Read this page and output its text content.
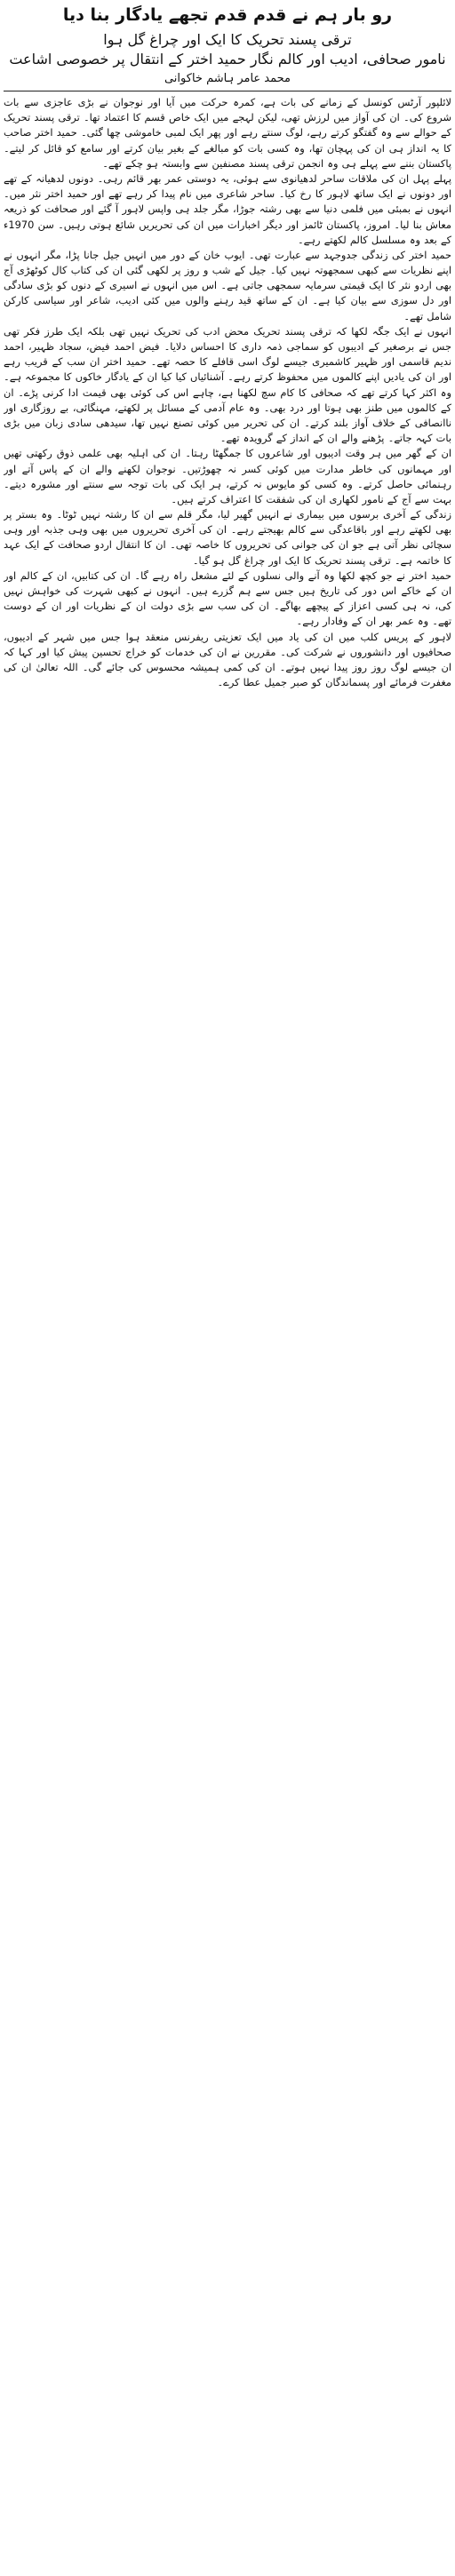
رو بار ہم نے قدم قدم تجھے یادگار بنا دیا
ترقی پسند تحریک کا ایک اور چراغ گل ہوا
نامور صحافی، ادیب اور کالم نگار حمید اختر کے انتقال پر خصوصی اشاعت
محمد عامر ہاشم خاکوانی

لائلپور آرٹس کونسل کے زمانے کی بات ہے، کمرہ حرکت میں آیا اور نوجوان نے بڑی عاجزی سے بات شروع کی۔ ان کی آواز میں لرزش تھی، لیکن لہجے میں ایک خاص قسم کا اعتماد تھا۔ ترقی پسند تحریک کے حوالے سے وہ گفتگو کرتے رہے، لوگ سنتے رہے اور پھر ایک لمبی خاموشی چھا گئی۔ حمید اختر صاحب کا یہ انداز ہی ان کی پہچان تھا، وہ کسی بات کو مبالغے کے بغیر بیان کرتے اور سامع کو قائل کر لیتے۔ پاکستان بننے سے پہلے ہی وہ انجمن ترقی پسند مصنفین سے وابستہ ہو چکے تھے۔

پہلے پہل ان کی ملاقات ساحر لدھیانوی سے ہوئی، یہ دوستی عمر بھر قائم رہی۔ دونوں لدھیانہ کے تھے اور دونوں نے ایک ساتھ لاہور کا رخ کیا۔ ساحر شاعری میں نام پیدا کر رہے تھے اور حمید اختر نثر میں۔ انہوں نے بمبئی میں فلمی دنیا سے بھی رشتہ جوڑا، مگر جلد ہی واپس لاہور آ گئے اور صحافت کو ذریعہ معاش بنا لیا۔ امروز، پاکستان ٹائمز اور دیگر اخبارات میں ان کی تحریریں شائع ہوتی رہیں۔ سن 1970ء کے بعد وہ مسلسل کالم لکھتے رہے۔

حمید اختر کی زندگی جدوجہد سے عبارت تھی۔ ایوب خان کے دور میں انہیں جیل جانا پڑا، مگر انہوں نے اپنے نظریات سے کبھی سمجھوتہ نہیں کیا۔ جیل کے شب و روز پر لکھی گئی ان کی کتاب کال کوٹھڑی آج بھی اردو نثر کا ایک قیمتی سرمایہ سمجھی جاتی ہے۔ اس میں انہوں نے اسیری کے دنوں کو بڑی سادگی اور دل سوزی سے بیان کیا ہے۔ ان کے ساتھ قید رہنے والوں میں کئی ادیب، شاعر اور سیاسی کارکن شامل تھے۔

انہوں نے ایک جگہ لکھا کہ ترقی پسند تحریک محض ادب کی تحریک نہیں تھی بلکہ ایک طرز فکر تھی جس نے برصغیر کے ادیبوں کو سماجی ذمہ داری کا احساس دلایا۔ فیض احمد فیض، سجاد ظہیر، احمد ندیم قاسمی اور ظہیر کاشمیری جیسے لوگ اسی قافلے کا حصہ تھے۔ حمید اختر ان سب کے قریب رہے اور ان کی یادیں اپنے کالموں میں محفوظ کرتے رہے۔ آشنائیاں کیا کیا ان کے یادگار خاکوں کا مجموعہ ہے۔

وہ اکثر کہا کرتے تھے کہ صحافی کا کام سچ لکھنا ہے، چاہے اس کی کوئی بھی قیمت ادا کرنی پڑے۔ ان کے کالموں میں طنز بھی ہوتا اور درد بھی۔ وہ عام آدمی کے مسائل پر لکھتے، مہنگائی، بے روزگاری اور ناانصافی کے خلاف آواز بلند کرتے۔ ان کی تحریر میں کوئی تصنع نہیں تھا، سیدھی سادی زبان میں بڑی بات کہہ جاتے۔ پڑھنے والے ان کے انداز کے گرویدہ تھے۔

ان کے گھر میں ہر وقت ادیبوں اور شاعروں کا جمگھٹا رہتا۔ ان کی اہلیہ بھی علمی ذوق رکھتی تھیں اور مہمانوں کی خاطر مدارت میں کوئی کسر نہ چھوڑتیں۔ نوجوان لکھنے والے ان کے پاس آتے اور رہنمائی حاصل کرتے۔ وہ کسی کو مایوس نہ کرتے، ہر ایک کی بات توجہ سے سنتے اور مشورہ دیتے۔ بہت سے آج کے نامور لکھاری ان کی شفقت کا اعتراف کرتے ہیں۔

زندگی کے آخری برسوں میں بیماری نے انہیں گھیر لیا، مگر قلم سے ان کا رشتہ نہیں ٹوٹا۔ وہ بستر پر بھی لکھتے رہے اور باقاعدگی سے کالم بھیجتے رہے۔ ان کی آخری تحریروں میں بھی وہی جذبہ اور وہی سچائی نظر آتی ہے جو ان کی جوانی کی تحریروں کا خاصہ تھی۔ ان کا انتقال اردو صحافت کے ایک عہد کا خاتمہ ہے۔ ترقی پسند تحریک کا ایک اور چراغ گل ہو گیا۔

حمید اختر نے جو کچھ لکھا وہ آنے والی نسلوں کے لئے مشعل راہ رہے گا۔ ان کی کتابیں، ان کے کالم اور ان کے خاکے اس دور کی تاریخ ہیں جس سے ہم گزرے ہیں۔ انہوں نے کبھی شہرت کی خواہش نہیں کی، نہ ہی کسی اعزاز کے پیچھے بھاگے۔ ان کی سب سے بڑی دولت ان کے نظریات اور ان کے دوست تھے۔ وہ عمر بھر ان کے وفادار رہے۔

لاہور کے پریس کلب میں ان کی یاد میں ایک تعزیتی ریفرنس منعقد ہوا جس میں شہر کے ادیبوں، صحافیوں اور دانشوروں نے شرکت کی۔ مقررین نے ان کی خدمات کو خراج تحسین پیش کیا اور کہا کہ ان جیسے لوگ روز روز پیدا نہیں ہوتے۔ ان کی کمی ہمیشہ محسوس کی جائے گی۔ اللہ تعالیٰ ان کی مغفرت فرمائے اور پسماندگان کو صبر جمیل عطا کرے۔
